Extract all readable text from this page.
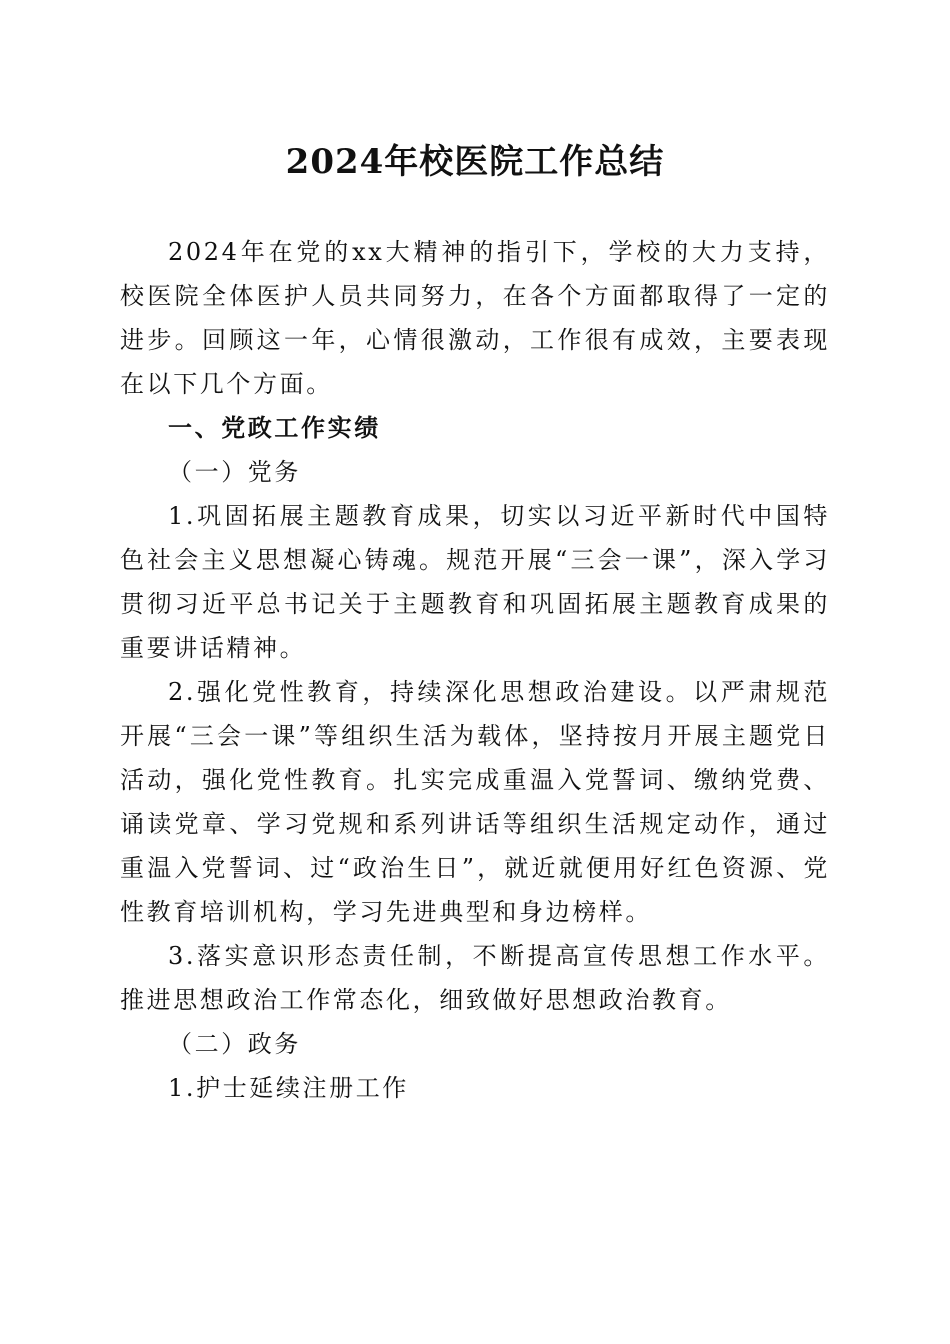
2024年校医院工作总结

2024年在党的xx大精神的指引下，学校的大力支持，校医院全体医护人员共同努力，在各个方面都取得了一定的进步。回顾这一年，心情很激动，工作很有成效，主要表现在以下几个方面。

一、党政工作实绩

（一）党务

1.巩固拓展主题教育成果，切实以习近平新时代中国特色社会主义思想凝心铸魂。规范开展“三会一课”，深入学习贯彻习近平总书记关于主题教育和巩固拓展主题教育成果的重要讲话精神。

2.强化党性教育，持续深化思想政治建设。以严肃规范开展“三会一课”等组织生活为载体，坚持按月开展主题党日活动，强化党性教育。扎实完成重温入党誓词、缴纳党费、诵读党章、学习党规和系列讲话等组织生活规定动作，通过重温入党誓词、过“政治生日”，就近就便用好红色资源、党性教育培训机构，学习先进典型和身边榜样。

3.落实意识形态责任制，不断提高宣传思想工作水平。推进思想政治工作常态化，细致做好思想政治教育。

（二）政务

1.护士延续注册工作
